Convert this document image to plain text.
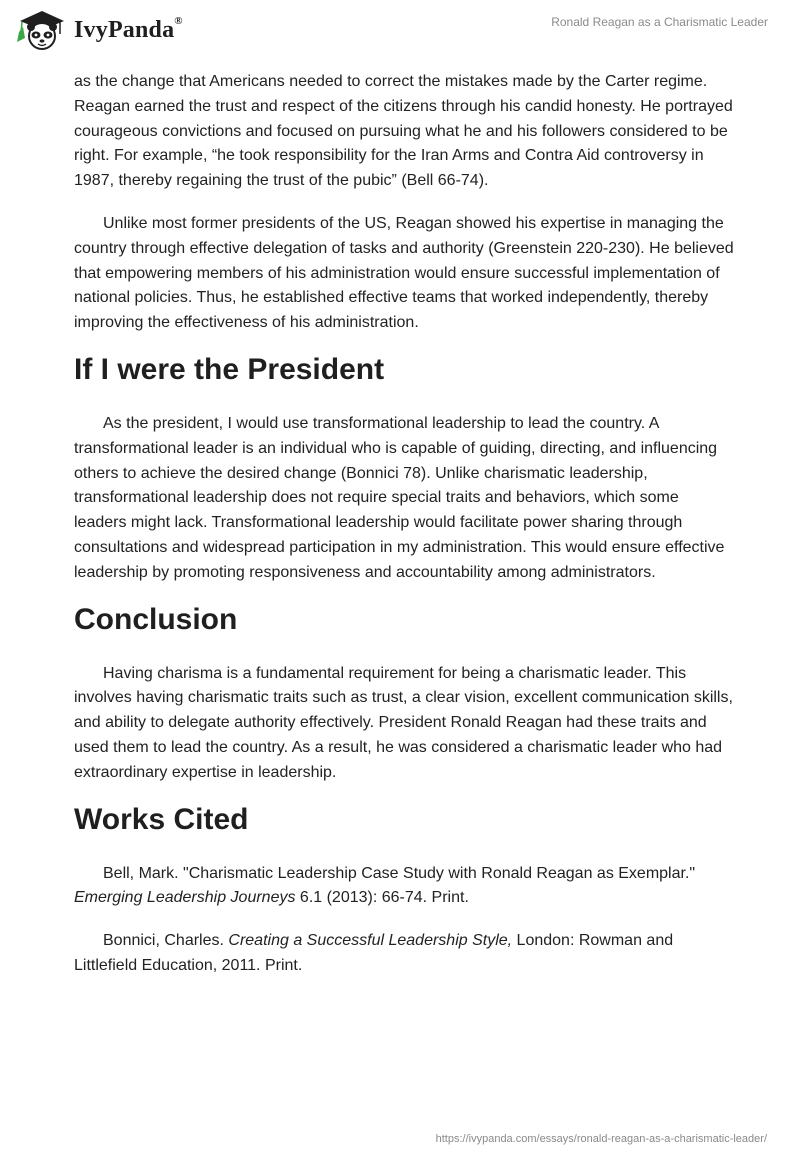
IvyPanda®	Ronald Reagan as a Charismatic Leader

as the change that Americans needed to correct the mistakes made by the Carter regime. Reagan earned the trust and respect of the citizens through his candid honesty. He portrayed courageous convictions and focused on pursuing what he and his followers considered to be right. For example, “he took responsibility for the Iran Arms and Contra Aid controversy in 1987, thereby regaining the trust of the pubic” (Bell 66-74).

Unlike most former presidents of the US, Reagan showed his expertise in managing the country through effective delegation of tasks and authority (Greenstein 220-230). He believed that empowering members of his administration would ensure successful implementation of national policies. Thus, he established effective teams that worked independently, thereby improving the effectiveness of his administration.

If I were the President

As the president, I would use transformational leadership to lead the country. A transformational leader is an individual who is capable of guiding, directing, and influencing others to achieve the desired change (Bonnici 78). Unlike charismatic leadership, transformational leadership does not require special traits and behaviors, which some leaders might lack. Transformational leadership would facilitate power sharing through consultations and widespread participation in my administration. This would ensure effective leadership by promoting responsiveness and accountability among administrators.

Conclusion

Having charisma is a fundamental requirement for being a charismatic leader. This involves having charismatic traits such as trust, a clear vision, excellent communication skills, and ability to delegate authority effectively. President Ronald Reagan had these traits and used them to lead the country. As a result, he was considered a charismatic leader who had extraordinary expertise in leadership.

Works Cited

Bell, Mark. "Charismatic Leadership Case Study with Ronald Reagan as Exemplar." Emerging Leadership Journeys 6.1 (2013): 66-74. Print.

Bonnici, Charles. Creating a Successful Leadership Style, London: Rowman and Littlefield Education, 2011. Print.

https://ivypanda.com/essays/ronald-reagan-as-a-charismatic-leader/
